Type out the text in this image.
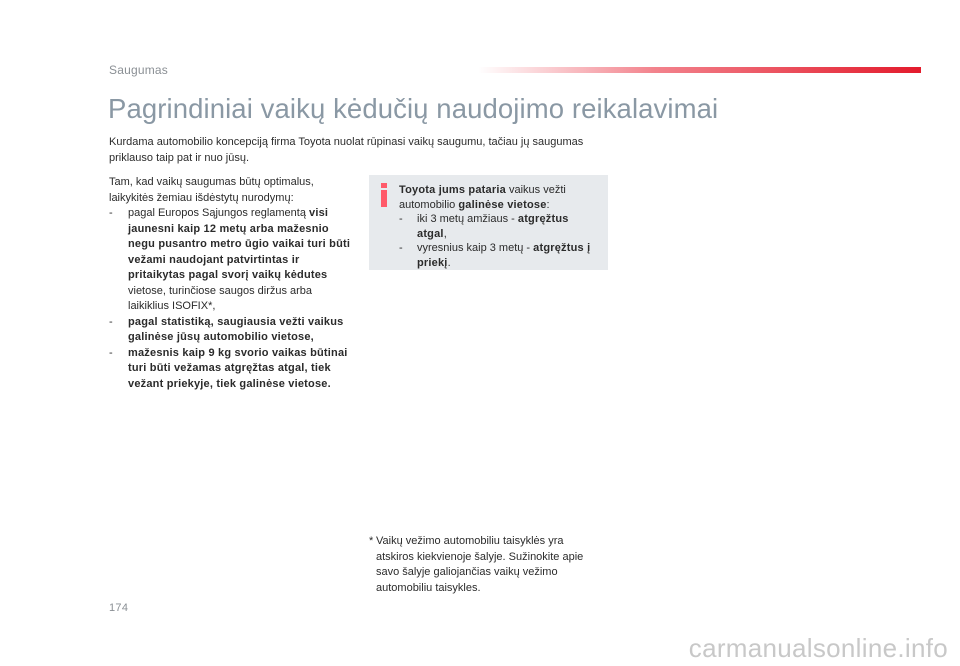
Saugumas
Pagrindiniai vaikų kėdučių naudojimo reikalavimai

Kurdama automobilio koncepciją firma Toyota nuolat rūpinasi vaikų saugumu, tačiau jų saugumas priklauso taip pat ir nuo jūsų.

Tam, kad vaikų saugumas būtų optimalus, laikykitės žemiau išdėstytų nurodymų:
-	pagal Europos Sąjungos reglamentą visi jaunesni kaip 12 metų arba mažesnio negu pusantro metro ūgio vaikai turi būti vežami naudojant patvirtintas ir pritaikytas pagal svorį vaikų kėdutes vietose, turinčiose saugos diržus arba laikiklius ISOFIX*,
-	pagal statistiką, saugiausia vežti vaikus galinėse jūsų automobilio vietose,
-	mažesnis kaip 9 kg svorio vaikas būtinai turi būti vežamas atgręžtas atgal, tiek vežant priekyje, tiek galinėse vietose.
Toyota jums pataria vaikus vežti automobilio galinėse vietose:
-	iki 3 metų amžiaus - atgręžtus atgal,
-	vyresnius kaip 3 metų - atgręžtus į priekį.
* Vaikų vežimo automobiliu taisyklės yra atskiros kiekvienoje šalyje. Sužinokite apie savo šalyje galiojančias vaikų vežimo automobiliu taisykles.
174
carmanualsonline.info
